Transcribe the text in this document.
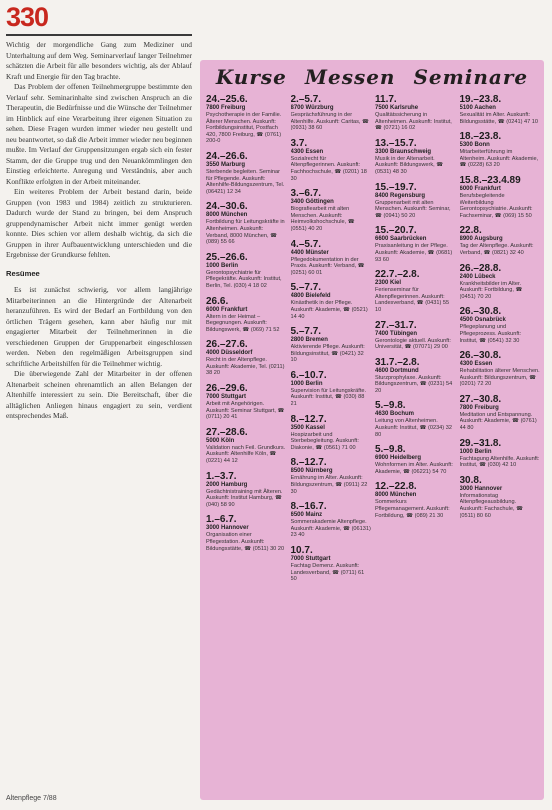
330

Wichtig der morgendliche Gang zum Mediziner und Unterhaltung auf dem Weg. Seminarverlauf langer Teilnehmer schätzten die Arbeit für alle besonders wichtig, als der Ablauf Kraft und Energie für den Tag brachte.

Das Problem der offenen Teilnehmergruppe bestimmte den Verlauf sehr. Seminarinhalte sind zwischen Anspruch an die Therapeutin, die Bedürfnisse und die Wünsche der Teilnehmer im Hinblick auf eine Verarbeitung ihrer eigenen Situation zu sehen. Diese Fragen wurden immer wieder neu gestellt und neu beantwortet, so daß die Arbeit immer wieder neu beginnen mußte. Im Verlauf der Gruppensitzungen ergab sich ein fester Stamm, der die Gruppe trug und den Neuankömmlingen den Einstieg erleichterte. Anregung und Verständnis, aber auch Konflikte erfolgten in der Arbeit miteinander.

Ein weiteres Problem der Arbeit bestand darin, beide Gruppen (von 1983 und 1984) zeitlich zu strukturieren. Dadurch wurde der Stand zu bringen, bei dem Anspruch gruppendynamischer Arbeit nicht immer genügt werden konnte. Dies schien vor allem deshalb wichtig, da sich die Gruppen in ihrer Aufbauentwicklung unterschieden und die Ergebnisse der Grundkurse fehlten.

Resümee

Es ist zunächst schwierig, vor allem langjährige Mitarbeiterinnen an die Hintergründe der Altenarbeit heranzuführen. Es wird der Bedarf an Fortbildung von den örtlichen Trägern gesehen, kann aber häufig nur mit engagierter Mitarbeit der Teilnehmerinnen in die verschiedenen Gruppen der Gruppenarbeit eingeschlossen werden. Neben den regelmäßigen Arbeitsgruppen sind schriftliche Arbeitshilfen für die Teilnehmer wichtig.

Die überwiegende Zahl der Mitarbeiter in der offenen Altenarbeit scheinen ehrenamtlich an allen Belangen der Altenhilfe interessiert zu sein. Die Bereitschaft, über die alltäglichen Anliegen hinaus engagiert zu sein, verdient entsprechendes Maß.

Altenpflege 7/88
Kurse Messen Seminare
24.–25.6.
7800 Freiburg
Psychotherapie in der Familie. Älterer Menschen. Auskunft: Fortbildungsinstitut, Postfach 420, 7800 Freiburg, ☎ (0761) 200-0
24.–26.6.
3550 Marburg
Sterbende begleiten. Seminar für Pflegende. Auskunft: Altenhilfe-Bildungszentrum, Tel. (06421) 12 34
24.–30.6.
8000 München
Fortbildung für Leitungskräfte in Altenheimen. Auskunft: Verband, 8000 München, ☎ (089) 55 66
25.–26.6.
1000 Berlin
Gerontopsychiatrie für Pflegekräfte. Auskunft: Institut, Berlin, Tel. (030) 4 18 02
26.6.
6000 Frankfurt
Altern in der Heimat – Begegnungen. Auskunft: Bildungswerk, ☎ (069) 71 52
26.–27.6.
4000 Düsseldorf
Recht in der Altenpflege. Auskunft: Akademie, Tel. (0211) 38 20
26.–29.6.
7000 Stuttgart
Arbeit mit Angehörigen. Auskunft: Seminar Stuttgart, ☎ (0711) 20 41
27.–28.6.
5000 Köln
Validation nach Feil. Grundkurs. Auskunft: Altenhilfe Köln, ☎ (0221) 44 12
1.–3.7.
2000 Hamburg
Gedächtnistraining mit Älteren. Auskunft: Institut Hamburg, ☎ (040) 58 90
1.–6.7.
3000 Hannover
Organisation einer Pflegestation. Auskunft: Bildungsstätte, ☎ (0511) 30 20
2.–5.7.
8700 Würzburg
Gesprächsführung in der Altenhilfe. Auskunft: Caritas, ☎ (0931) 38 60
3.7.
4300 Essen
Sozialrecht für Altenpflegerinnen. Auskunft: Fachhochschule, ☎ (0201) 18 30
3.–6.7.
3400 Göttingen
Biografiearbeit mit alten Menschen. Auskunft: Heimvolkshochschule, ☎ (0551) 40 20
4.–5.7.
4400 Münster
Pflegedokumentation in der Praxis. Auskunft: Verband, ☎ (0251) 60 01
5.–7.7.
4800 Bielefeld
Kinästhetik in der Pflege. Auskunft: Akademie, ☎ (0521) 14 40
5.–7.7.
2800 Bremen
Aktivierende Pflege. Auskunft: Bildungsinstitut, ☎ (0421) 32 10
6.–10.7.
1000 Berlin
Supervision für Leitungskräfte. Auskunft: Institut, ☎ (030) 88 21
8.–12.7.
3500 Kassel
Hospizarbeit und Sterbebegleitung. Auskunft: Diakonie, ☎ (0561) 71 00
8.–12.7.
8500 Nürnberg
Ernährung im Alter. Auskunft: Bildungszentrum, ☎ (0911) 22 30
8.–16.7.
6500 Mainz
Sommerakademie Altenpflege. Auskunft: Akademie, ☎ (06131) 23 40
10.7.
7000 Stuttgart
Fachtag Demenz. Auskunft: Landesverband, ☎ (0711) 61 50
11.7.
7500 Karlsruhe
Qualitätssicherung in Altenheimen. Auskunft: Institut, ☎ (0721) 16 02
13.–15.7.
3300 Braunschweig
Musik in der Altenarbeit. Auskunft: Bildungswerk, ☎ (0531) 48 30
15.–19.7.
8400 Regensburg
Gruppenarbeit mit alten Menschen. Auskunft: Seminar, ☎ (0941) 50 20
15.–20.7.
6600 Saarbrücken
Praxisanleitung in der Pflege. Auskunft: Akademie, ☎ (0681) 93 60
22.7.–2.8.
2300 Kiel
Ferienseminar für Altenpflegerinnen. Auskunft: Landesverband, ☎ (0431) 55 10
27.–31.7.
7400 Tübingen
Gerontologie aktuell. Auskunft: Universität, ☎ (07071) 29 00
31.7.–2.8.
4600 Dortmund
Sturzprophylaxe. Auskunft: Bildungszentrum, ☎ (0231) 54 20
5.–9.8.
4630 Bochum
Leitung von Altenheimen. Auskunft: Institut, ☎ (0234) 32 80
5.–9.8.
6900 Heidelberg
Wohnformen im Alter. Auskunft: Akademie, ☎ (06221) 54 70
12.–22.8.
8000 München
Sommerkurs Pflegemanagement. Auskunft: Fortbildung, ☎ (089) 21 30
19.–23.8.
5100 Aachen
Sexualität im Alter. Auskunft: Bildungsstätte, ☎ (0241) 47 10
18.–23.8.
5300 Bonn
Mitarbeiterführung im Altenheim. Auskunft: Akademie, ☎ (0228) 63 20
15.8.–23.4.89
6000 Frankfurt
Berufsbegleitende Weiterbildung Gerontopsychiatrie. Auskunft: Fachseminar, ☎ (069) 15 50
22.8.
8900 Augsburg
Tag der Altenpflege. Auskunft: Verband, ☎ (0821) 32 40
26.–28.8.
2400 Lübeck
Krankheitsbilder im Alter. Auskunft: Fortbildung, ☎ (0451) 70 20
26.–30.8.
4500 Osnabrück
Pflegeplanung und Pflegeprozess. Auskunft: Institut, ☎ (0541) 32 30
26.–30.8.
4300 Essen
Rehabilitation älterer Menschen. Auskunft: Bildungszentrum, ☎ (0201) 72 20
27.–30.8.
7800 Freiburg
Meditation und Entspannung. Auskunft: Akademie, ☎ (0761) 44 80
29.–31.8.
1000 Berlin
Fachtagung Altenhilfe. Auskunft: Institut, ☎ (030) 42 10
30.8.
3000 Hannover
Informationstag Altenpflegeausbildung. Auskunft: Fachschule, ☎ (0511) 80 60
